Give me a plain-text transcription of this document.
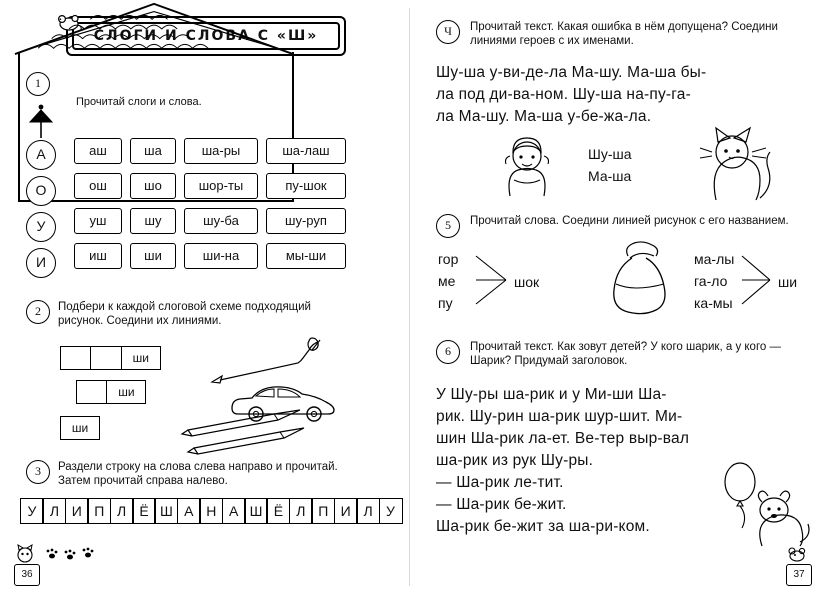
СЛОГИ И СЛОВА С «Ш»
1
Прочитай слоги и слова.
А
О
У
И
аш	ша	ша-ры	ша-лаш
ош	шо	шор-ты	пу-шок
уш	шу	шу-ба	шу-руп
иш	ши	ши-на	мы-ши
2	Подбери к каждой слоговой схеме подходящий рисунок. Соедини их линиями.
ши
ши
ши
3	Раздели строку на слова слева направо и прочитай. Затем прочитай справа налево.
У Л И П Л Ё Ш А Н А Ш Ё Л П И Л У
Ч	Прочитай текст. Какая ошибка в нём допущена? Соедини линиями героев с их именами.
Шу-ша у-ви-де-ла Ма-шу. Ма-ша бы-
ла под ди-ва-ном. Шу-ша на-пу-га-
ла Ма-шу. Ма-ша у-бе-жа-ла.
Шу-ша
Ма-ша
5	Прочитай слова. Соедини линией рисунок с его названием.
гор
ме
пу
шок
ма-лы
га-ло
ка-мы
ши
6	Прочитай текст. Как зовут детей? У кого шарик, а у кого — Шарик? Придумай заголовок.
У Шу-ры ша-рик и у Ми-ши Ша-
рик. Шу-рин ша-рик шур-шит. Ми-
шин Ша-рик ла-ет. Ве-тер выр-вал
ша-рик из рук Шу-ры.
— Ша-рик ле-тит.
— Ша-рик бе-жит.
Ша-рик бе-жит за ша-ри-ком.
36	37
